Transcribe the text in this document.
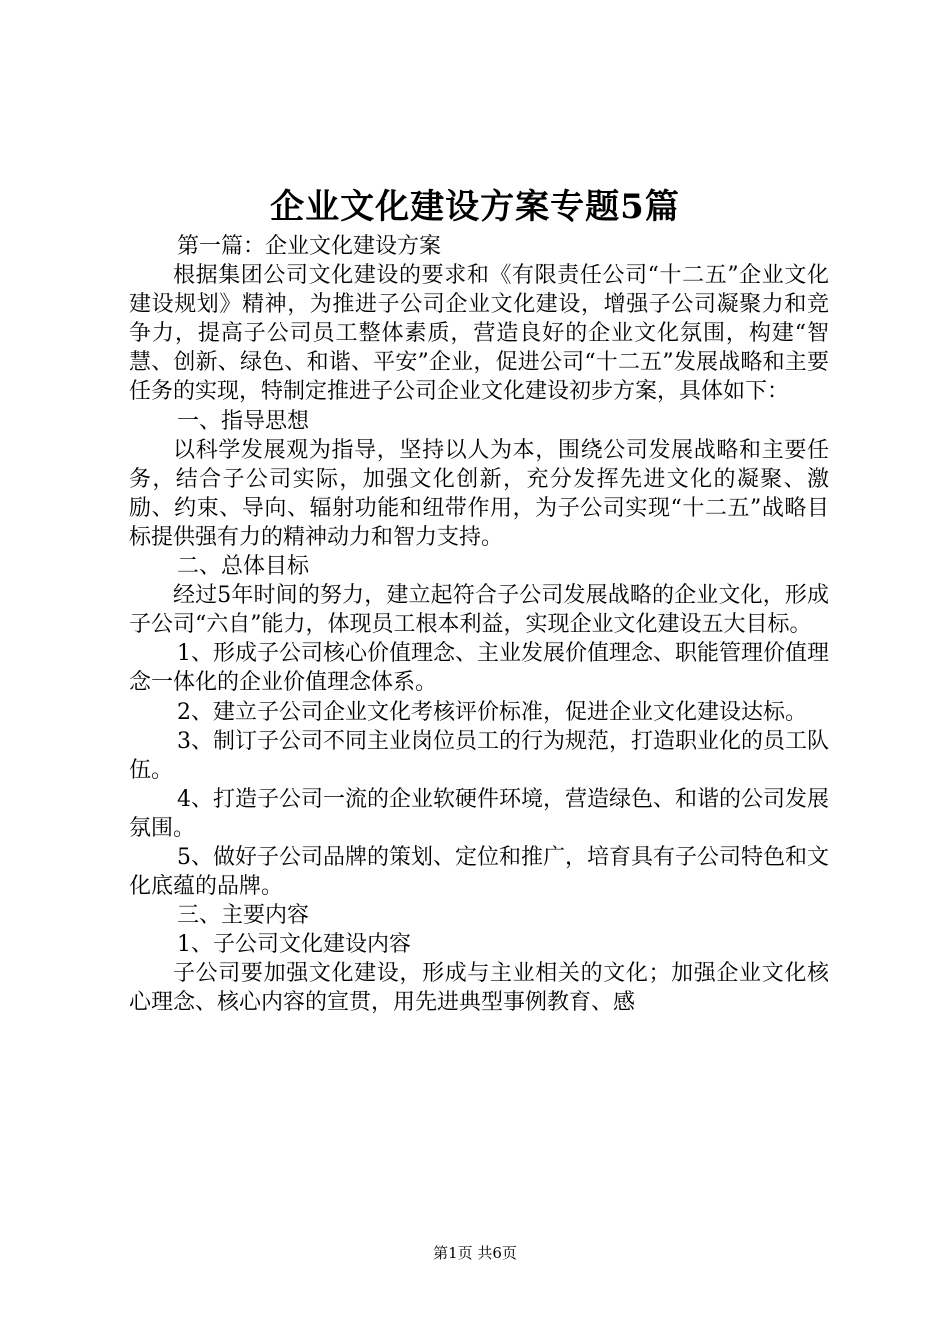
企业文化建设方案专题5篇

第一篇：企业文化建设方案

根据集团公司文化建设的要求和《有限责任公司“十二五”企业文化建设规划》精神，为推进子公司企业文化建设，增强子公司凝聚力和竞争力，提高子公司员工整体素质，营造良好的企业文化氛围，构建“智慧、创新、绿色、和谐、平安”企业，促进公司“十二五”发展战略和主要任务的实现，特制定推进子公司企业文化建设初步方案，具体如下：

一、指导思想

以科学发展观为指导，坚持以人为本，围绕公司发展战略和主要任务，结合子公司实际，加强文化创新，充分发挥先进文化的凝聚、激励、约束、导向、辐射功能和纽带作用，为子公司实现“十二五”战略目标提供强有力的精神动力和智力支持。

二、总体目标

经过5年时间的努力，建立起符合子公司发展战略的企业文化，形成子公司“六自”能力，体现员工根本利益，实现企业文化建设五大目标。

1、形成子公司核心价值理念、主业发展价值理念、职能管理价值理念一体化的企业价值理念体系。

2、建立子公司企业文化考核评价标准，促进企业文化建设达标。

3、制订子公司不同主业岗位员工的行为规范，打造职业化的员工队伍。

4、打造子公司一流的企业软硬件环境，营造绿色、和谐的公司发展氛围。

5、做好子公司品牌的策划、定位和推广，培育具有子公司特色和文化底蕴的品牌。

三、主要内容

1、子公司文化建设内容

子公司要加强文化建设，形成与主业相关的文化；加强企业文化核心理念、核心内容的宣贯，用先进典型事例教育、感

第1页 共6页
